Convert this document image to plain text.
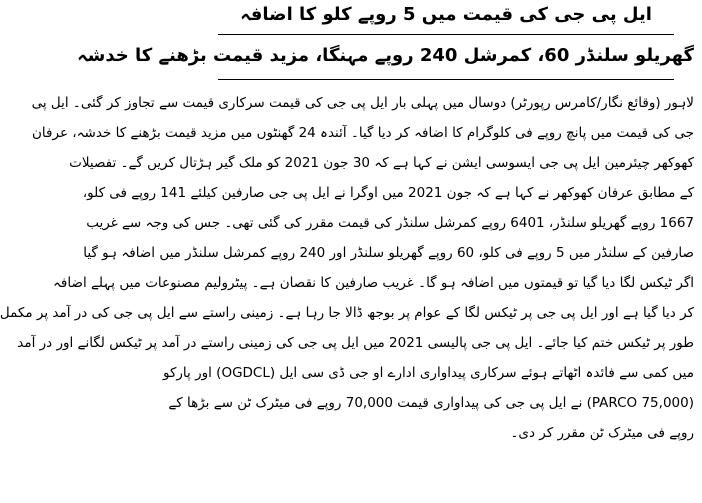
ایل پی جی کی قیمت میں 5 روپے کلو کا اضافہ
گھریلو سلنڈر 60، کمرشل 240 روپے مہنگا، مزید قیمت بڑھنے کا خدشہ
لاہور (وقائع نگار/کامرس رپورٹر) دوسال میں پہلی بار ایل پی جی کی قیمت سرکاری قیمت سے تجاوز کر گئی۔ ایل پی
جی کی قیمت میں پانچ روپے فی کلوگرام کا اضافہ کر دیا گیا۔ آئندہ 24 گھنٹوں میں مزید قیمت بڑھنے کا خدشہ، عرفان
کھوکھر چیئرمین ایل پی جی ایسوسی ایشن نے کہا ہے کہ 30 جون 2021 کو ملک گیر ہڑتال کریں گے۔ تفصیلات
کے مطابق عرفان کھوکھر نے کہا ہے کہ جون 2021 میں اوگرا نے ایل پی جی صارفین کیلئے 141 روپے فی کلو،
1667 روپے گھریلو سلنڈر، 6401 روپے کمرشل سلنڈر کی قیمت مقرر کی گئی تھی۔ جس کی وجہ سے غریب
صارفین کے سلنڈر میں 5 روپے فی کلو، 60 روپے گھریلو سلنڈر اور 240 روپے کمرشل سلنڈر میں اضافہ ہو گیا
اگر ٹیکس لگا دیا گیا تو قیمتوں میں اضافہ ہو گا۔ غریب صارفین کا نقصان ہے۔ پیٹرولیم مصنوعات میں پہلے اضافہ
کر دیا گیا ہے اور ایل پی جی پر ٹیکس لگا کے عوام پر بوجھ ڈالا جا رہا ہے۔ زمینی راستے سے ایل پی جی کی در آمد پر مکمل
طور پر ٹیکس ختم کیا جائے۔ ایل پی جی پالیسی 2021 میں ایل پی جی کی زمینی راستے در آمد پر ٹیکس لگانے اور در آمد
میں کمی سے فائدہ اٹھاتے ہوئے سرکاری پیداواری ادارے او جی ڈی سی ایل (OGDCL) اور پارکو
(PARCO 75,000) نے ایل پی جی کی پیداواری قیمت 70,000 روپے فی میٹرک ٹن سے بڑھا کے
روپے فی میٹرک ٹن مقرر کر دی۔
